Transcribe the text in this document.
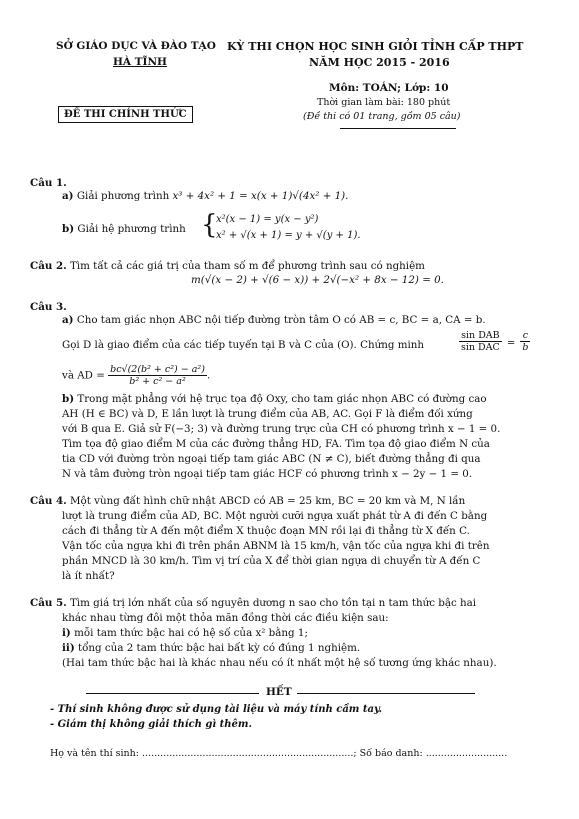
SỞ GIÁO DỤC VÀ ĐÀO TẠO
HÀ TĨNH
KỲ THI CHỌN HỌC SINH GIỎI TỈNH CẤP THPT
NĂM HỌC 2015 - 2016
Môn: TOÁN; Lớp: 10
Thời gian làm bài: 180 phút
(Đề thi có 01 trang, gồm 05 câu)
ĐỀ THI CHÍNH THỨC
Câu 1.
a) Giải phương trình x³ + 4x² + 1 = x(x + 1)√(4x² + 1).
b) Giải hệ phương trình {
x²(x − 1) = y(x − y²)
x² + √(x + 1) = y + √(y + 1).
Câu 2. Tìm tất cả các giá trị của tham số m để phương trình sau có nghiệm
m(√(x − 2) + √(6 − x)) + 2√(−x² + 8x − 12) = 0.
Câu 3.
a) Cho tam giác nhọn ABC nội tiếp đường tròn tâm O có AB = c, BC = a, CA = b.
Gọi D là giao điểm của các tiếp tuyến tại B và C của (O). Chứng minh	$\frac{\text{sin DAB}}{\text{sin DAC}} = \frac{c}{b}$
và AD = $\frac{\text{bc√(2(b² + c²) − a²)}}{\text{b² + c² − a²}}$ .
b) Trong mặt phẳng với hệ trục tọa độ Oxy, cho tam giác nhọn ABC có đường cao
AH (H ∈ BC) và D, E lần lượt là trung điểm của AB, AC. Gọi F là điểm đối xứng
với B qua E. Giả sử F(−3; 3) và đường trung trực của CH có phương trình x − 1 = 0.
Tìm tọa độ giao điểm M của các đường thẳng HD, FA. Tìm tọa độ giao điểm N của
tia CD với đường tròn ngoại tiếp tam giác ABC (N ≠ C), biết đường thẳng đi qua
N và tâm đường tròn ngoại tiếp tam giác HCF có phương trình x − 2y − 1 = 0.
Câu 4. Một vùng đất hình chữ nhật ABCD có AB = 25 km, BC = 20 km và M, N lần
lượt là trung điểm của AD, BC. Một người cưỡi ngựa xuất phát từ A đi đến C bằng
cách đi thẳng từ A đến một điểm X thuộc đoạn MN rồi lại đi thẳng từ X đến C.
Vận tốc của ngựa khi đi trên phần ABNM là 15 km/h, vận tốc của ngựa khi đi trên
phần MNCD là 30 km/h. Tìm vị trí của X để thời gian ngựa di chuyển từ A đến C
là ít nhất?
Câu 5. Tìm giá trị lớn nhất của số nguyên dương n sao cho tồn tại n tam thức bậc hai
khác nhau từng đôi một thỏa mãn đồng thời các điều kiện sau:
i) mỗi tam thức bậc hai có hệ số của x² bằng 1;
ii) tổng của 2 tam thức bậc hai bất kỳ có đúng 1 nghiệm.
(Hai tam thức bậc hai là khác nhau nếu có ít nhất một hệ số tương ứng khác nhau).
HẾT
- Thí sinh không được sử dụng tài liệu và máy tính cầm tay.
- Giám thị không giải thích gì thêm.
Họ và tên thí sinh: ......................................................................; Số báo danh: ...........................
